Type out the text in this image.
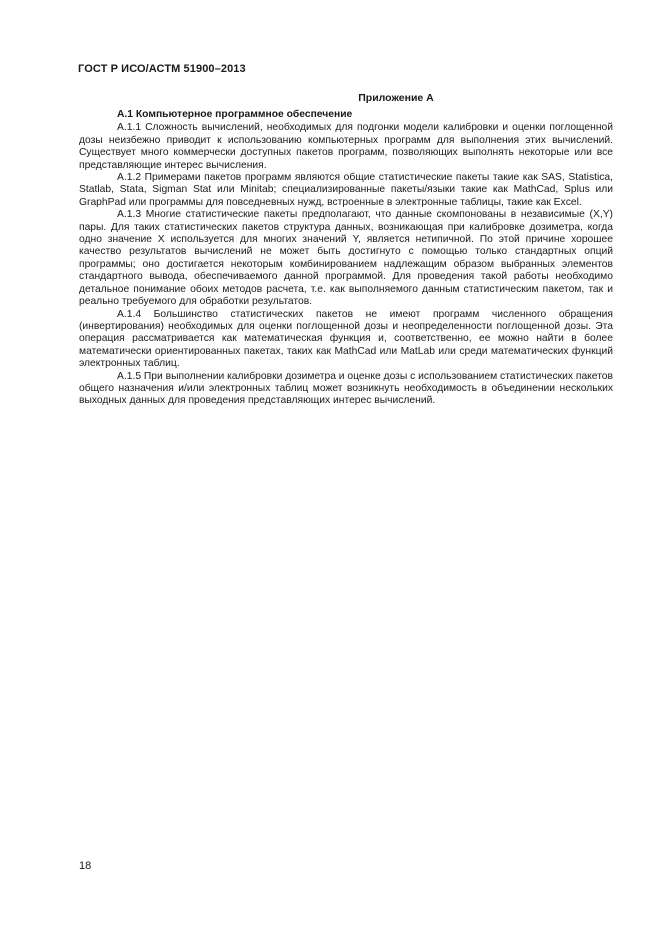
ГОСТ Р ИСО/АСТМ 51900–2013
Приложение А

А.1 Компьютерное программное обеспечение

А.1.1 Сложность вычислений, необходимых для подгонки модели калибровки и оценки поглощенной дозы неизбежно приводит к использованию компьютерных программ для выполнения этих вычислений. Существует много коммерчески доступных пакетов программ, позволяющих выполнять некоторые или все представляющие интерес вычисления.

А.1.2 Примерами пакетов программ являются общие статистические пакеты такие как SAS, Statistica, Statlab, Stata, Sigman Stat или Minitab; специализированные пакеты/языки такие как MathCad, Splus или GraphPad или программы для повседневных нужд, встроенные в электронные таблицы, такие как Excel.

А.1.3 Многие статистические пакеты предполагают, что данные скомпонованы в независимые (X,Y) пары. Для таких статистических пакетов структура данных, возникающая при калибровке дозиметра, когда одно значение X используется для многих значений Y, является нетипичной. По этой причине хорошее качество результатов вычислений не может быть достигнуто с помощью только стандартных опций программы; оно достигается некоторым комбинированием надлежащим образом выбранных элементов стандартного вывода, обеспечиваемого данной программой. Для проведения такой работы необходимо детальное понимание обоих методов расчета, т.е. как выполняемого данным статистическим пакетом, так и реально требуемого для обработки результатов.

А.1.4 Большинство статистических пакетов не имеют программ численного обращения (инвертирования) необходимых для оценки поглощенной дозы и неопределенности поглощенной дозы. Эта операция рассматривается как математическая функция и, соответственно, ее можно найти в более математически ориентированных пакетах, таких как MathCad или MatLab или среди математических функций электронных таблиц.

А.1.5 При выполнении калибровки дозиметра и оценке дозы с использованием статистических пакетов общего назначения и/или электронных таблиц может возникнуть необходимость в объединении нескольких выходных данных для проведения представляющих интерес вычислений.

18
